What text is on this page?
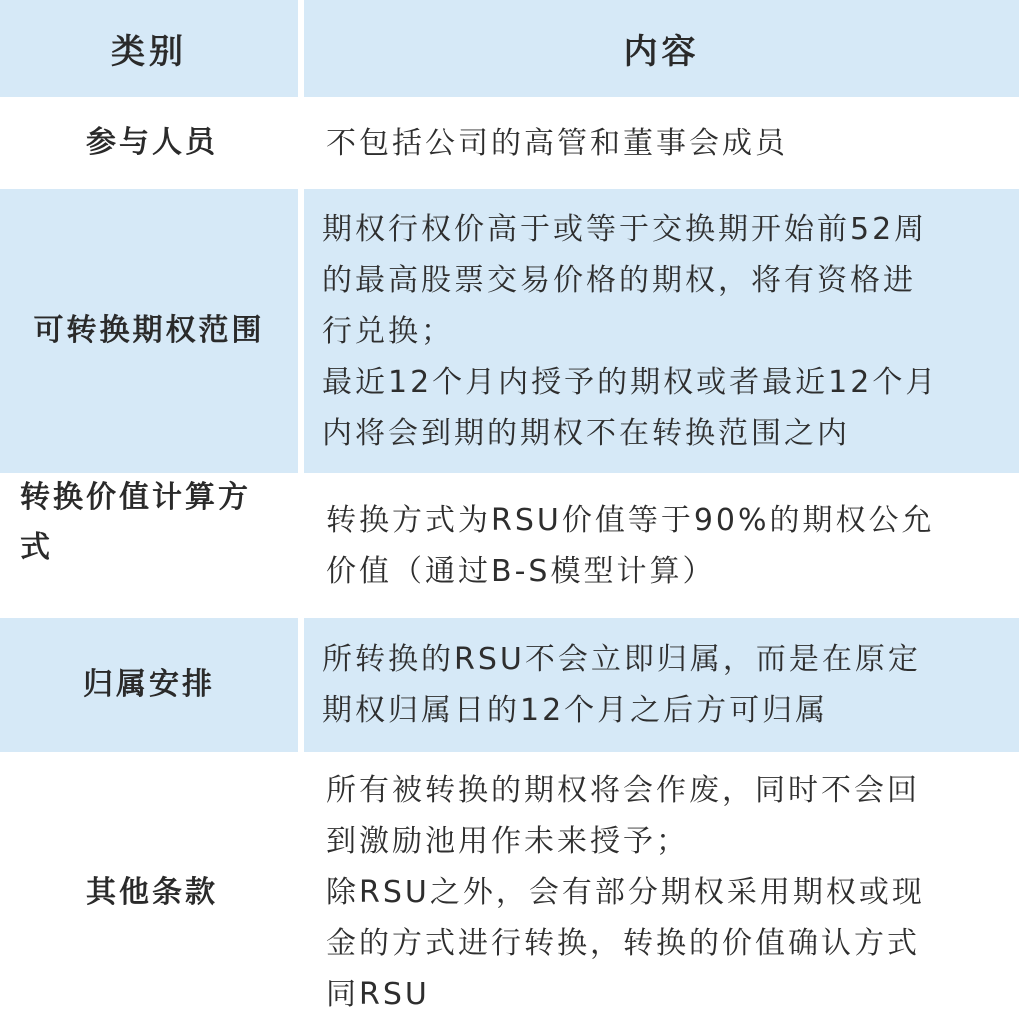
类别	内容
参与人员	不包括公司的高管和董事会成员
可转换期权范围
期权行权价高于或等于交换期开始前52周
的最高股票交易价格的期权，将有资格进
行兑换；
最近12个月内授予的期权或者最近12个月
内将会到期的期权不在转换范围之内
转换价值计算方
式
转换方式为RSU价值等于90%的期权公允
价值（通过B-S模型计算）
归属安排
所转换的RSU不会立即归属，而是在原定
期权归属日的12个月之后方可归属
其他条款
所有被转换的期权将会作废，同时不会回
到激励池用作未来授予；
除RSU之外，会有部分期权采用期权或现
金的方式进行转换，转换的价值确认方式
同RSU
